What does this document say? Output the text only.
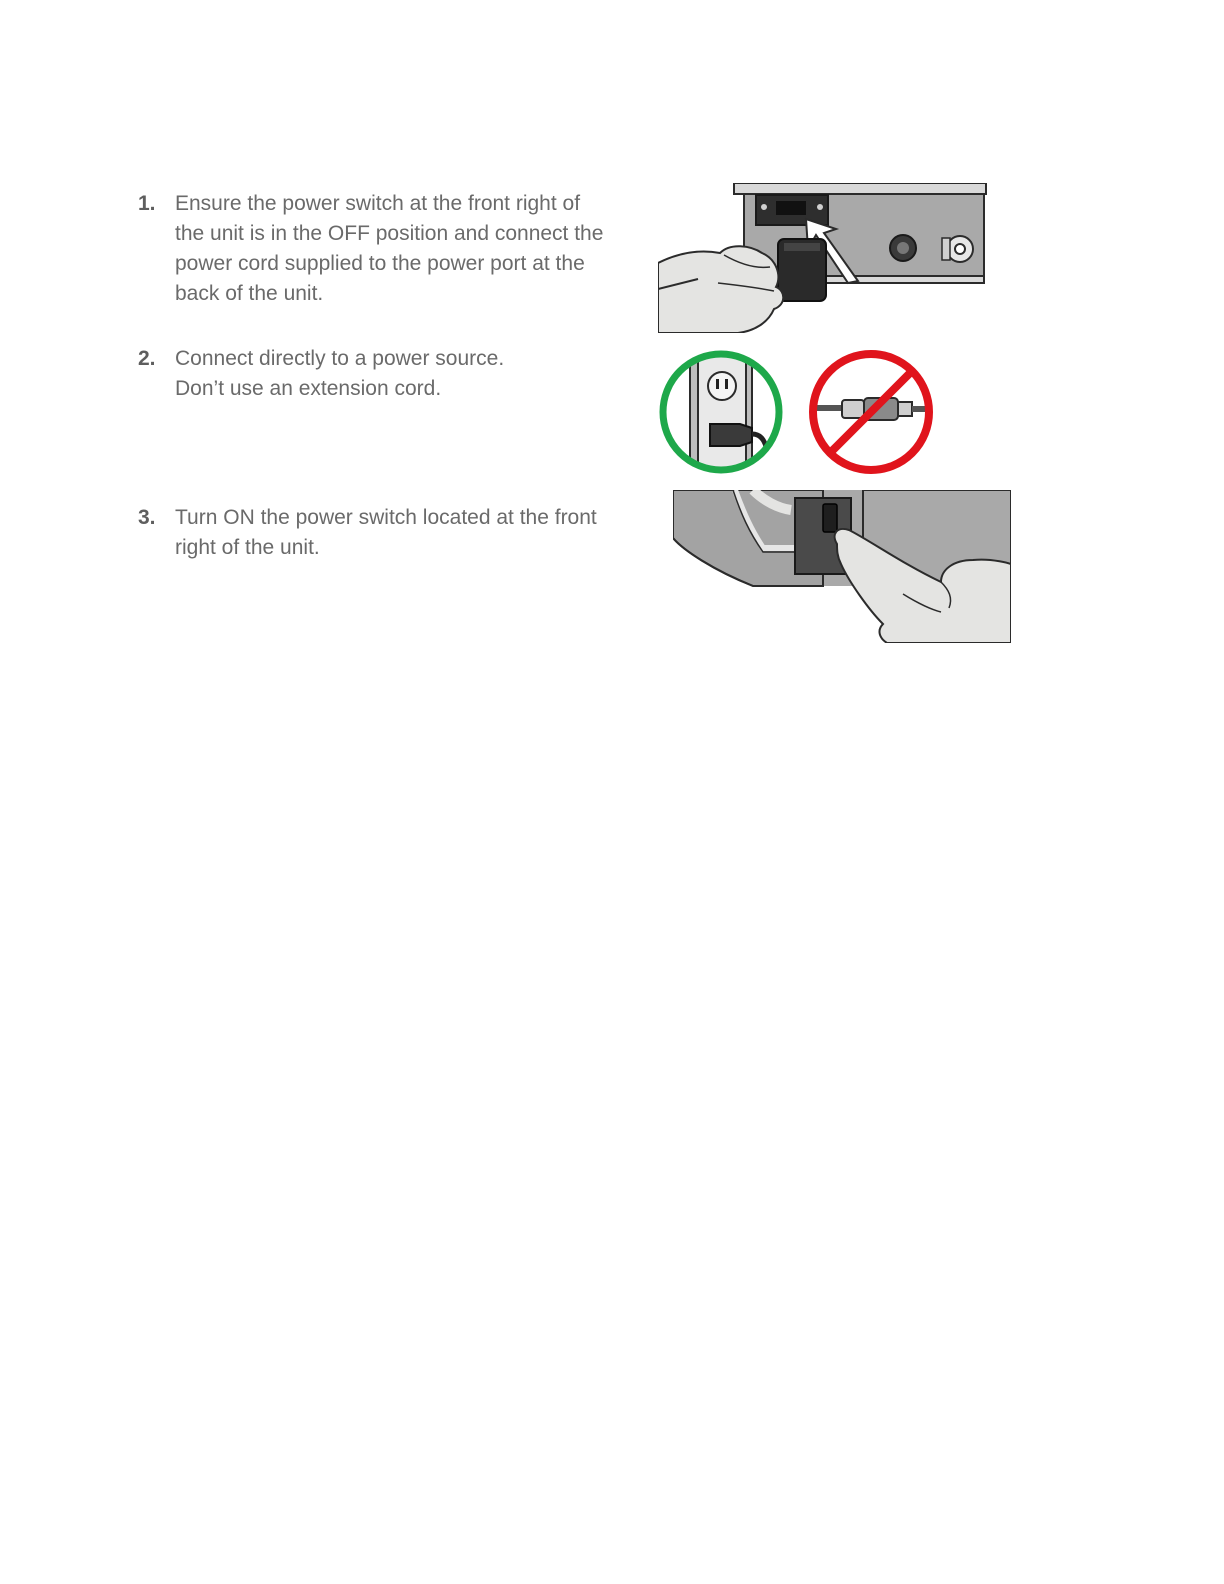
1. Ensure the power switch at the front right of
the unit is in the OFF position and connect the
power cord supplied to the power port at the
back of the unit.
2. Connect directly to a power source.
Don’t use an extension cord.
3. Turn ON the power switch located at the front
right of the unit.
